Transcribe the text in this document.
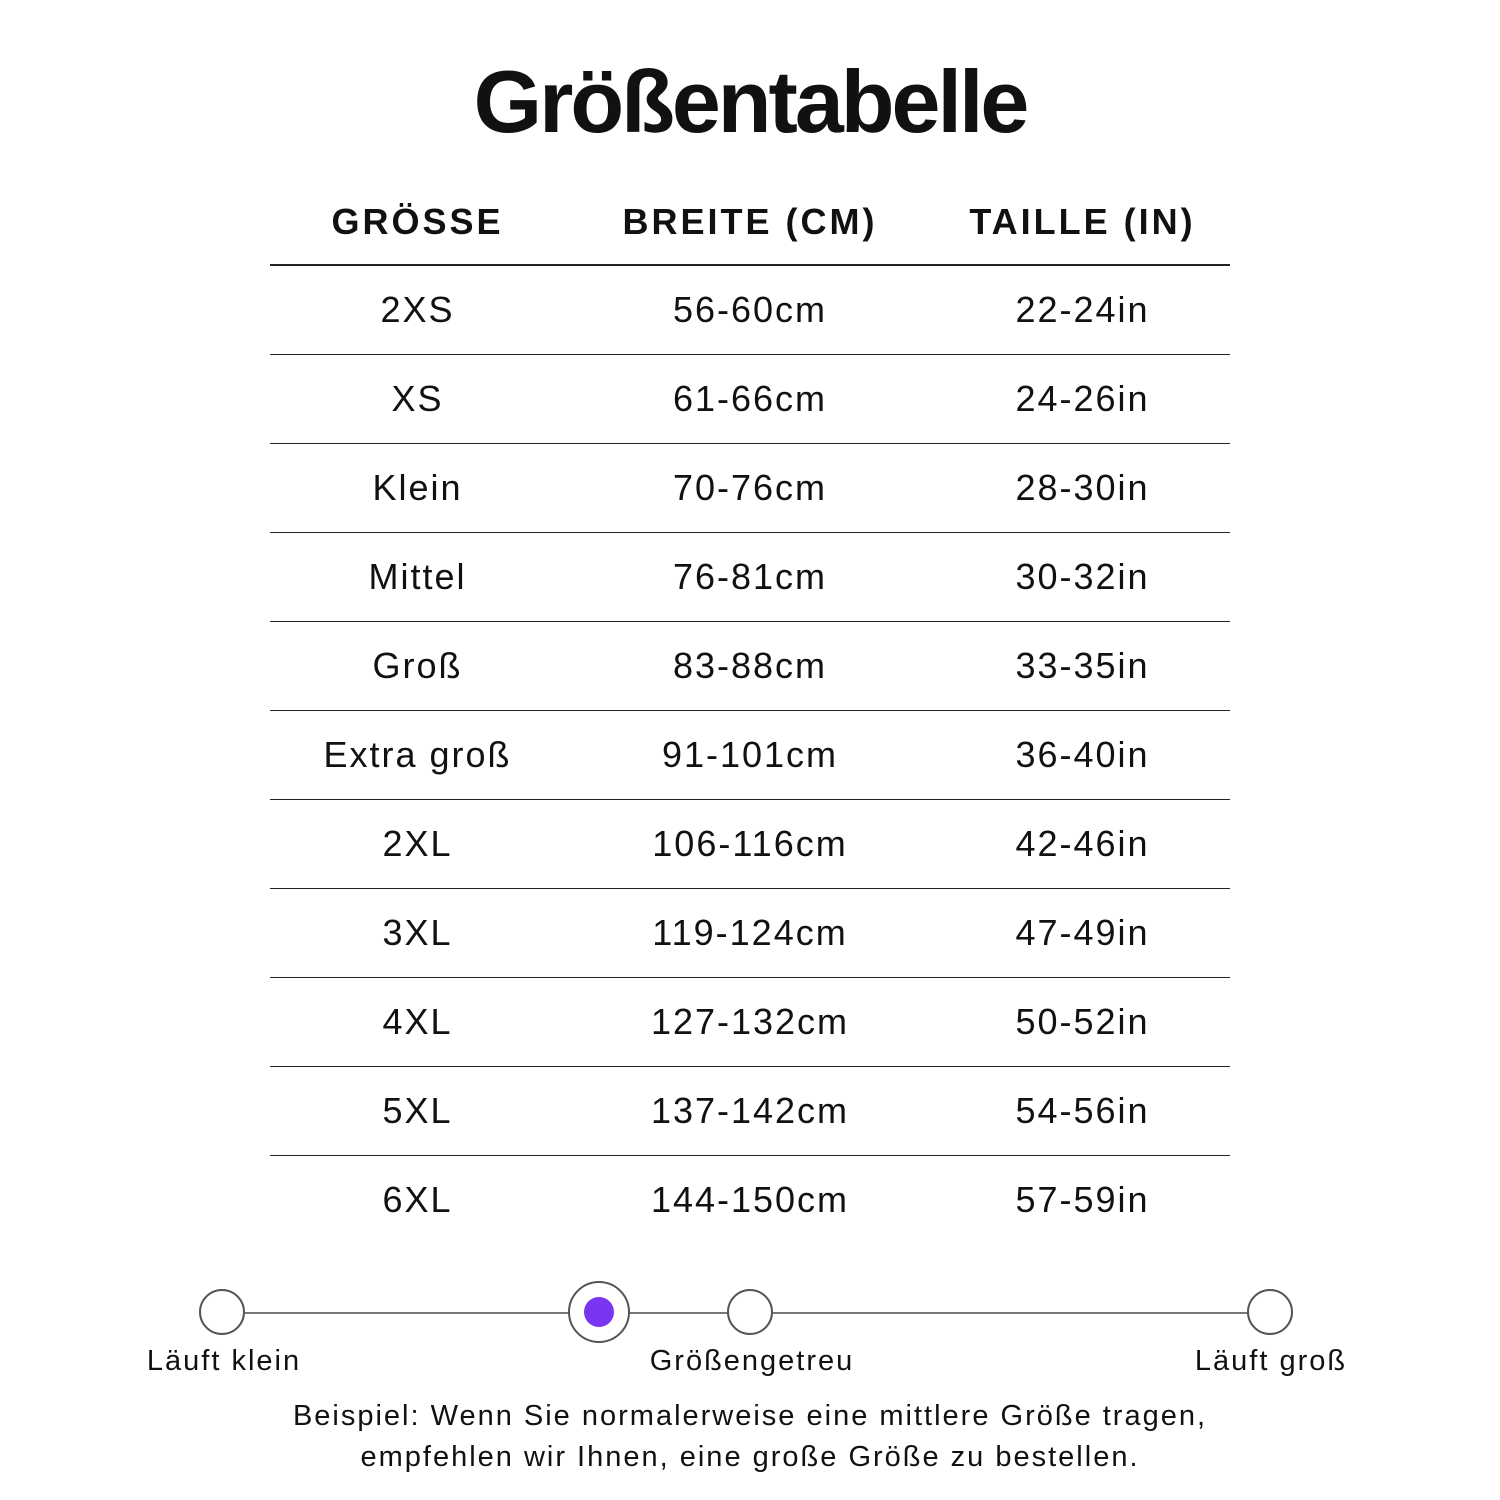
Größentabelle
GRÖSSE	BREITE (CM)	TAILLE (IN)
2XS	56-60cm	22-24in
XS	61-66cm	24-26in
Klein	70-76cm	28-30in
Mittel	76-81cm	30-32in
Groß	83-88cm	33-35in
Extra groß	91-101cm	36-40in
2XL	106-116cm	42-46in
3XL	119-124cm	47-49in
4XL	127-132cm	50-52in
5XL	137-142cm	54-56in
6XL	144-150cm	57-59in
Läuft klein	Größengetreu	Läuft groß

Beispiel: Wenn Sie normalerweise eine mittlere Größe tragen,

empfehlen wir Ihnen, eine große Größe zu bestellen.
